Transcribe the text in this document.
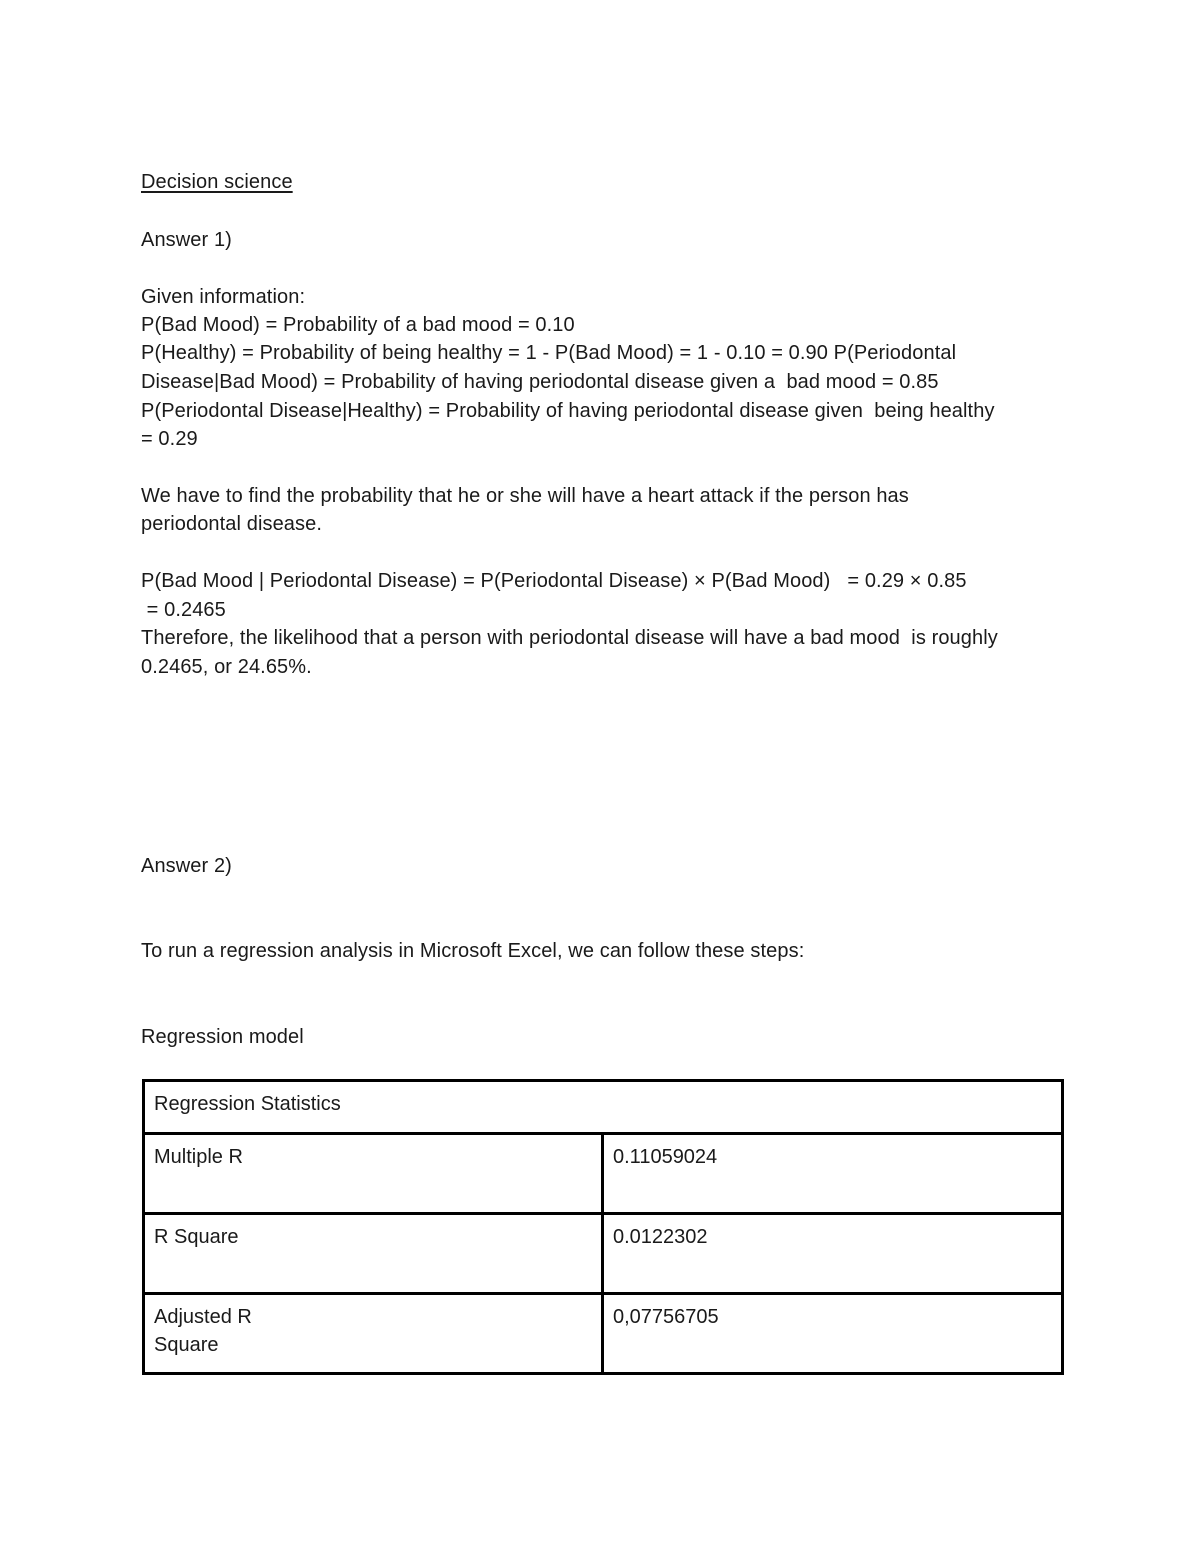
Decision science
Answer 1)
Given information:
P(Bad Mood) = Probability of a bad mood = 0.10
P(Healthy) = Probability of being healthy = 1 - P(Bad Mood) = 1 - 0.10 = 0.90 P(Periodontal
Disease|Bad Mood) = Probability of having periodontal disease given a  bad mood = 0.85
P(Periodontal Disease|Healthy) = Probability of having periodontal disease given  being healthy
= 0.29
We have to find the probability that he or she will have a heart attack if the person has
periodontal disease.
P(Bad Mood | Periodontal Disease) = P(Periodontal Disease) × P(Bad Mood)   = 0.29 × 0.85
= 0.2465
Therefore, the likelihood that a person with periodontal disease will have a bad mood  is roughly
0.2465, or 24.65%.
Answer 2)
To run a regression analysis in Microsoft Excel, we can follow these steps:
Regression model
Regression Statistics	
Multiple R	0.11059024
R Square	0.0122302
Adjusted R
Square	0,07756705
